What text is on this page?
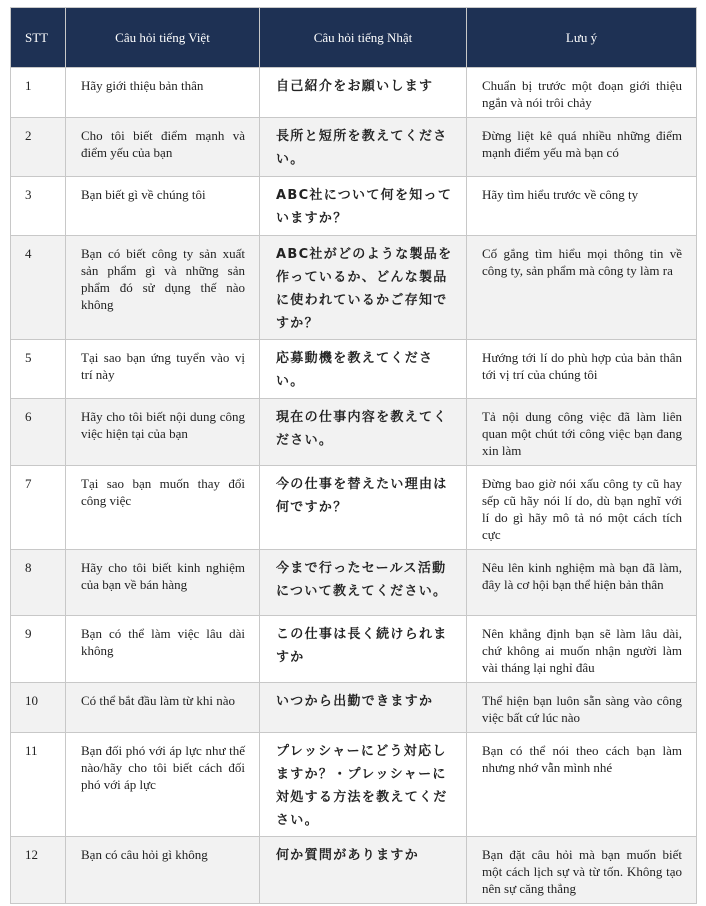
STT	Câu hỏi tiếng Việt	Câu hỏi tiếng Nhật	Lưu ý
1	Hãy giới thiệu bản thân	自己紹介をお願いします	Chuẩn bị trước một đoạn giới thiệu ngắn và nói trôi chảy
2	Cho tôi biết điểm mạnh và điểm yếu của bạn	長所と短所を教えてください。	Đừng liệt kê quá nhiều những điểm mạnh điểm yếu mà bạn có
3	Bạn biết gì về chúng tôi	ABC社について何を知っていますか？	Hãy tìm hiểu trước về công ty
4	Bạn có biết công ty sản xuất sản phẩm gì và những sản phẩm đó sử dụng thế nào không	ABC社がどのような製品を作っているか、どんな製品に使われているかご存知ですか？	Cố gắng tìm hiểu mọi thông tin về công ty, sản phẩm mà công ty làm ra
5	Tại sao bạn ứng tuyển vào vị trí này	応募動機を教えてください。	Hướng tới lí do phù hợp của bản thân tới vị trí của chúng tôi
6	Hãy cho tôi biết nội dung công việc hiện tại của bạn	現在の仕事内容を教えてください。	Tả nội dung công việc đã làm liên quan một chút tới công việc bạn đang xin làm
7	Tại sao bạn muốn thay đổi công việc	今の仕事を替えたい理由は何ですか？	Đừng bao giờ nói xấu công ty cũ hay sếp cũ hãy nói lí do, dù bạn nghĩ với lí do gì hãy mô tả nó một cách tích cực
8	Hãy cho tôi biết kinh nghiệm của bạn về bán hàng	今まで行ったセールス活動について教えてください。	Nêu lên kinh nghiệm mà bạn đã làm, đây là cơ hội bạn thể hiện bản thân
9	Bạn có thể làm việc lâu dài không	この仕事は長く続けられますか	Nên khẳng định bạn sẽ làm lâu dài, chứ không ai muốn nhận người làm vài tháng lại nghỉ đâu
10	Có thể bắt đầu làm từ khi nào	いつから出勤できますか	Thể hiện bạn luôn sẵn sàng vào công việc bất cứ lúc nào
11	Bạn đối phó với áp lực như thế nào/hãy cho tôi biết cách đối phó với áp lực	プレッシャーにどう対応しますか？・プレッシャーに対処する方法を教えてください。	Bạn có thể nói theo cách bạn làm nhưng nhớ vẫn mình nhé
12	Bạn có câu hỏi gì không	何か質問がありますか	Bạn đặt câu hỏi mà bạn muốn biết một cách lịch sự và từ tốn. Không tạo nên sự căng thẳng
